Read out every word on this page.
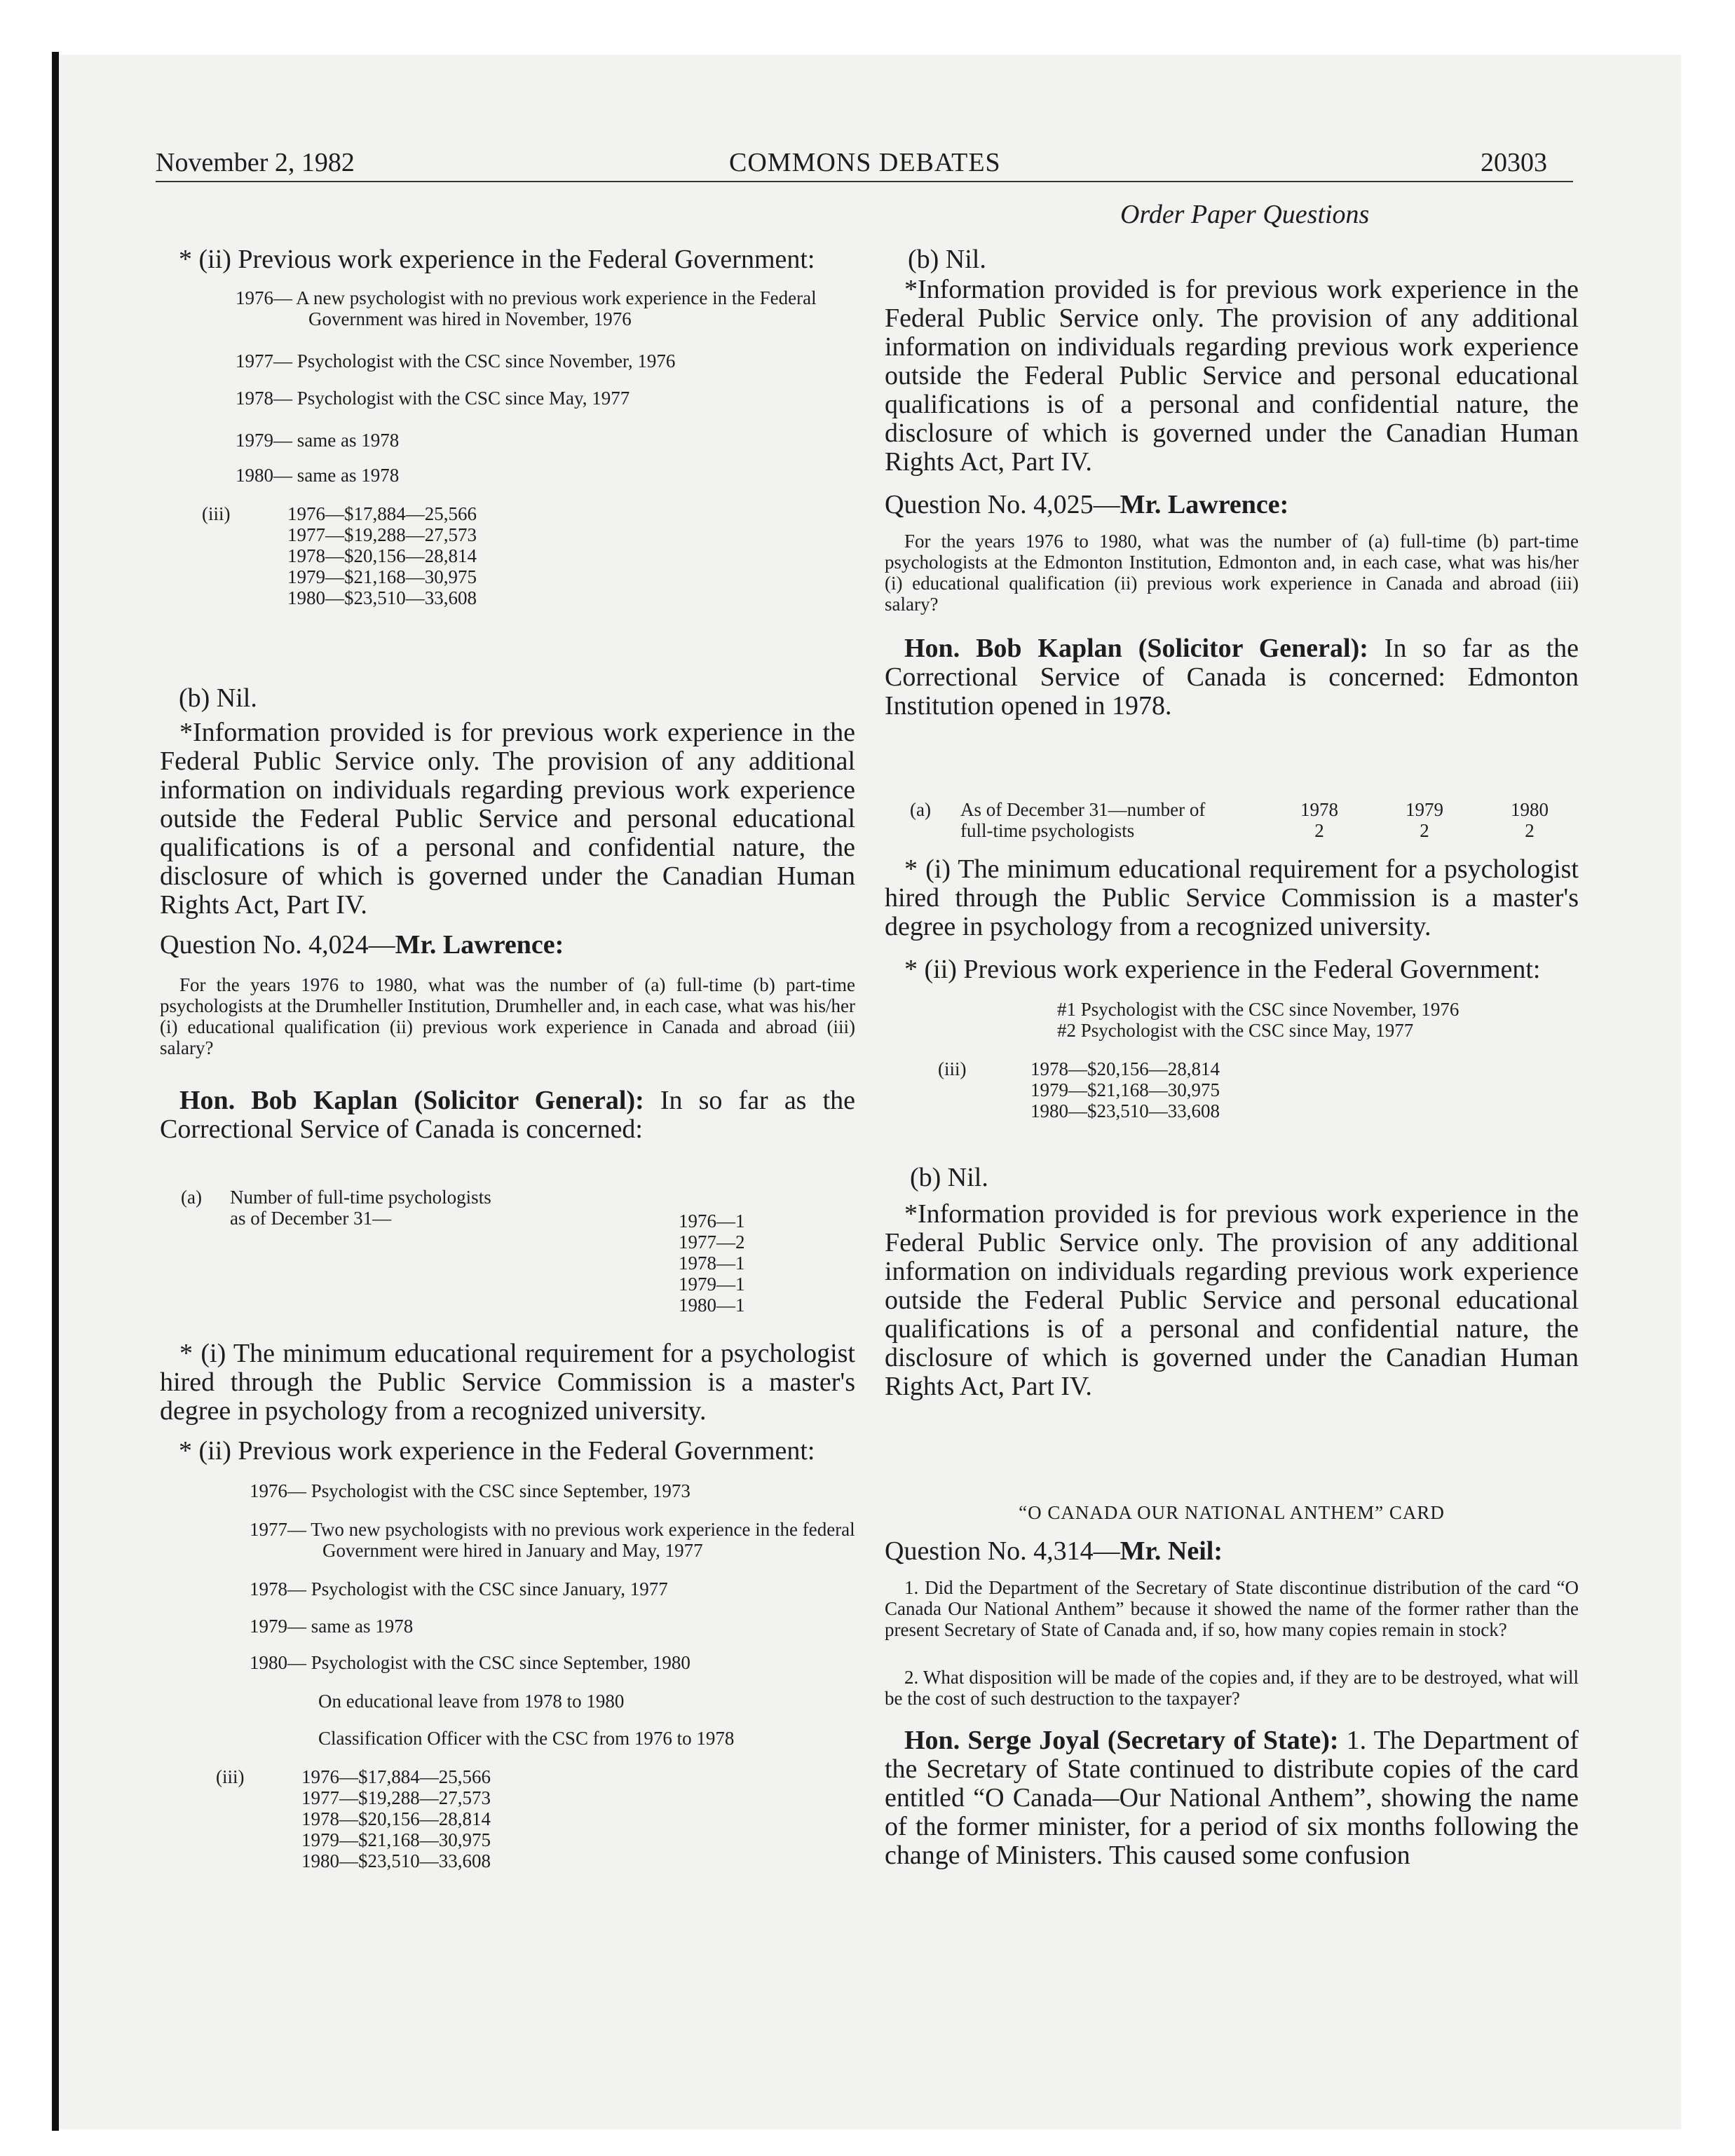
November 2, 1982	COMMONS DEBATES	20303
Order Paper Questions
* (ii) Previous work experience in the Federal Government:
1976— A new psychologist with no previous work experience in the Federal Government was hired in November, 1976
1977— Psychologist with the CSC since November, 1976
1978— Psychologist with the CSC since May, 1977
1979— same as 1978
1980— same as 1978
(iii)	1976—$17,884—25,566
1977—$19,288—27,573
1978—$20,156—28,814
1979—$21,168—30,975
1980—$23,510—33,608
(b) Nil.
*Information provided is for previous work experience in the Federal Public Service only. The provision of any additional information on individuals regarding previous work experience outside the Federal Public Service and personal educational qualifications is of a personal and confidential nature, the disclosure of which is governed under the Canadian Human Rights Act, Part IV.
Question No. 4,024—Mr. Lawrence:
For the years 1976 to 1980, what was the number of (a) full-time (b) part-time psychologists at the Drumheller Institution, Drumheller and, in each case, what was his/her (i) educational qualification (ii) previous work experience in Canada and abroad (iii) salary?
Hon. Bob Kaplan (Solicitor General): In so far as the Correctional Service of Canada is concerned:
(a) Number of full-time psychologists as of December 31—	1976—1
1977—2
1978—1
1979—1
1980—1
* (i) The minimum educational requirement for a psychologist hired through the Public Service Commission is a master's degree in psychology from a recognized university.
* (ii) Previous work experience in the Federal Government:
1976— Psychologist with the CSC since September, 1973
1977— Two new psychologists with no previous work experience in the federal Government were hired in January and May, 1977
1978— Psychologist with the CSC since January, 1977
1979— same as 1978
1980— Psychologist with the CSC since September, 1980
On educational leave from 1978 to 1980
Classification Officer with the CSC from 1976 to 1978
(iii)	1976—$17,884—25,566
1977—$19,288—27,573
1978—$20,156—28,814
1979—$21,168—30,975
1980—$23,510—33,608
(b) Nil.
*Information provided is for previous work experience in the Federal Public Service only. The provision of any additional information on individuals regarding previous work experience outside the Federal Public Service and personal educational qualifications is of a personal and confidential nature, the disclosure of which is governed under the Canadian Human Rights Act, Part IV.
Question No. 4,025—Mr. Lawrence:
For the years 1976 to 1980, what was the number of (a) full-time (b) part-time psychologists at the Edmonton Institution, Edmonton and, in each case, what was his/her (i) educational qualification (ii) previous work experience in Canada and abroad (iii) salary?
Hon. Bob Kaplan (Solicitor General): In so far as the Correctional Service of Canada is concerned: Edmonton Institution opened in 1978.
(a) As of December 31—number of
full-time psychologists
1978	1979	1980
2	2	2
* (i) The minimum educational requirement for a psychologist hired through the Public Service Commission is a master's degree in psychology from a recognized university.
* (ii) Previous work experience in the Federal Government:
#1 Psychologist with the CSC since November, 1976
#2 Psychologist with the CSC since May, 1977
(iii)	1978—$20,156—28,814
1979—$21,168—30,975
1980—$23,510—33,608
(b) Nil.
*Information provided is for previous work experience in the Federal Public Service only. The provision of any additional information on individuals regarding previous work experience outside the Federal Public Service and personal educational qualifications is of a personal and confidential nature, the disclosure of which is governed under the Canadian Human Rights Act, Part IV.
“O CANADA OUR NATIONAL ANTHEM” CARD
Question No. 4,314—Mr. Neil:
1. Did the Department of the Secretary of State discontinue distribution of the card “O Canada Our National Anthem” because it showed the name of the former rather than the present Secretary of State of Canada and, if so, how many copies remain in stock?
2. What disposition will be made of the copies and, if they are to be destroyed, what will be the cost of such destruction to the taxpayer?
Hon. Serge Joyal (Secretary of State): 1. The Department of the Secretary of State continued to distribute copies of the card entitled “O Canada—Our National Anthem”, showing the name of the former minister, for a period of six months following the change of Ministers. This caused some confusion
